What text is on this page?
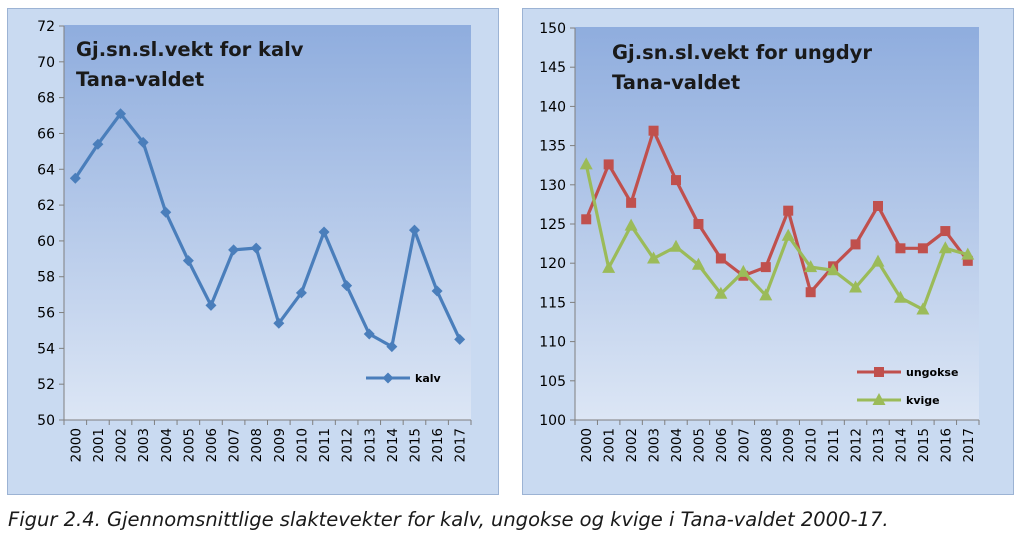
50
52
54
56
58
60
62
64
66
68
70
72
2000 2001 2002 2003 2004 2005 2006 2007 2008 2009 2010 2011 2012 2013 2014 2015 2016 2017
Gj.sn.sl.vekt for kalv
Tana-valdet
kalv
100
105
110
115
120
125
130
135
140
145
150
2000 2001 2002 2003 2004 2005 2006 2007 2008 2009 2010 2011 2012 2013 2014 2015 2016 2017
Gj.sn.sl.vekt for ungdyr
Tana-valdet
ungokse
kvige
Figur 2.4. Gjennomsnittlige slaktevekter for kalv, ungokse og kvige i Tana-valdet 2000-17.
